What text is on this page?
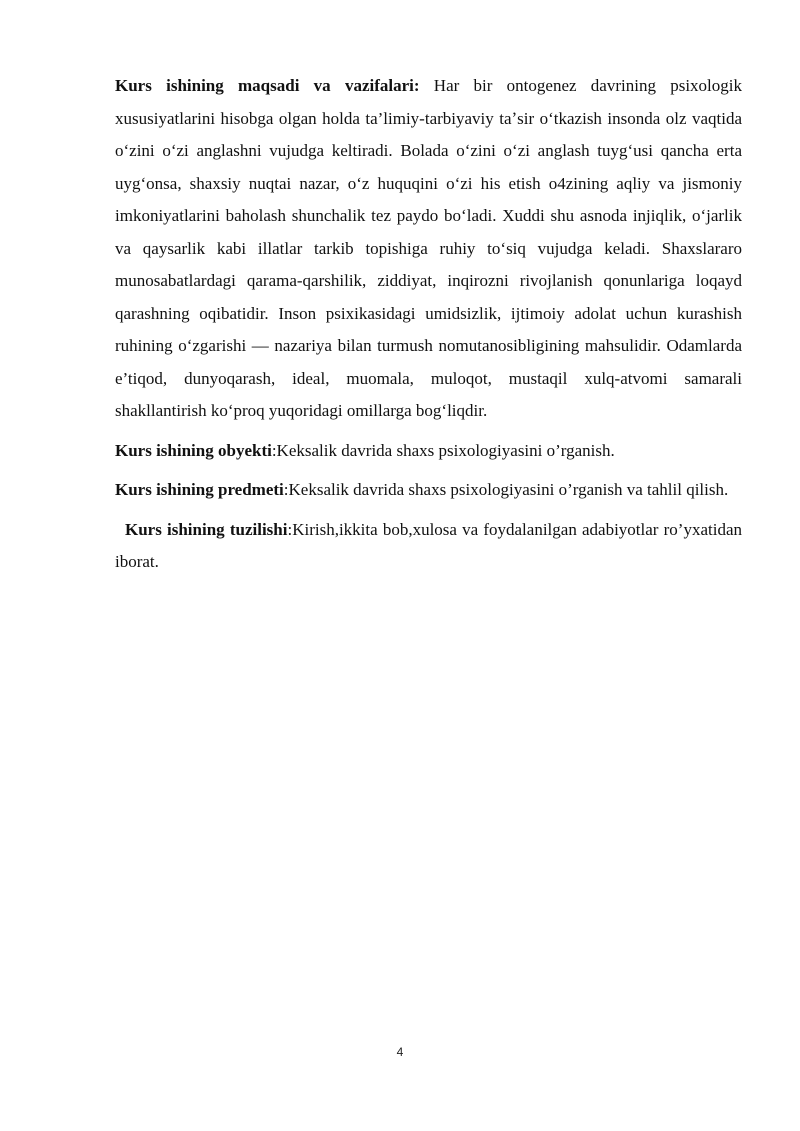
Kurs ishining maqsadi va vazifalari: Har bir ontogenez davrining psixologik xususiyatlarini hisobga olgan holda ta’limiy-tarbiyaviy taʼsir oʻtkazish insonda olz vaqtida oʻzini oʻzi anglashni vujudga keltiradi. Bolada oʻzini oʻzi anglash tuygʻusi qancha erta uygʻonsa, shaxsiy nuqtai nazar, oʻz huquqini oʻzi his etish o4zining aqliy va jismoniy imkoniyatlarini baholash shunchalik tez paydo boʻladi. Xuddi shu asnoda injiqlik, oʻjarlik va qaysarlik kabi illatlar tarkib topishiga ruhiy toʻsiq vujudga keladi. Shaxslararo munosabatlardagi qarama-qarshilik, ziddiyat, inqirozni rivojlanish qonunlariga loqayd qarashning oqibatidir. Inson psixikasidagi umidsizlik, ijtimoiy adolat uchun kurashish ruhining oʻzgarishi — nazariya bilan turmush nomutanosibligining mahsulidir. Odamlarda e’tiqod, dunyoqarash, ideal, muomala, muloqot, mustaqil xulq-atvomi samarali shakllantirish koʻproq yuqoridagi omillarga bogʻliqdir.

Kurs ishining obyekti:Keksalik davrida shaxs psixologiyasini o’rganish.

Kurs ishining predmeti:Keksalik davrida shaxs psixologiyasini o’rganish va tahlil qilish.

Kurs ishining tuzilishi:Kirish,ikkita bob,xulosa va foydalanilgan adabiyotlar ro’yxatidan iborat.

4
